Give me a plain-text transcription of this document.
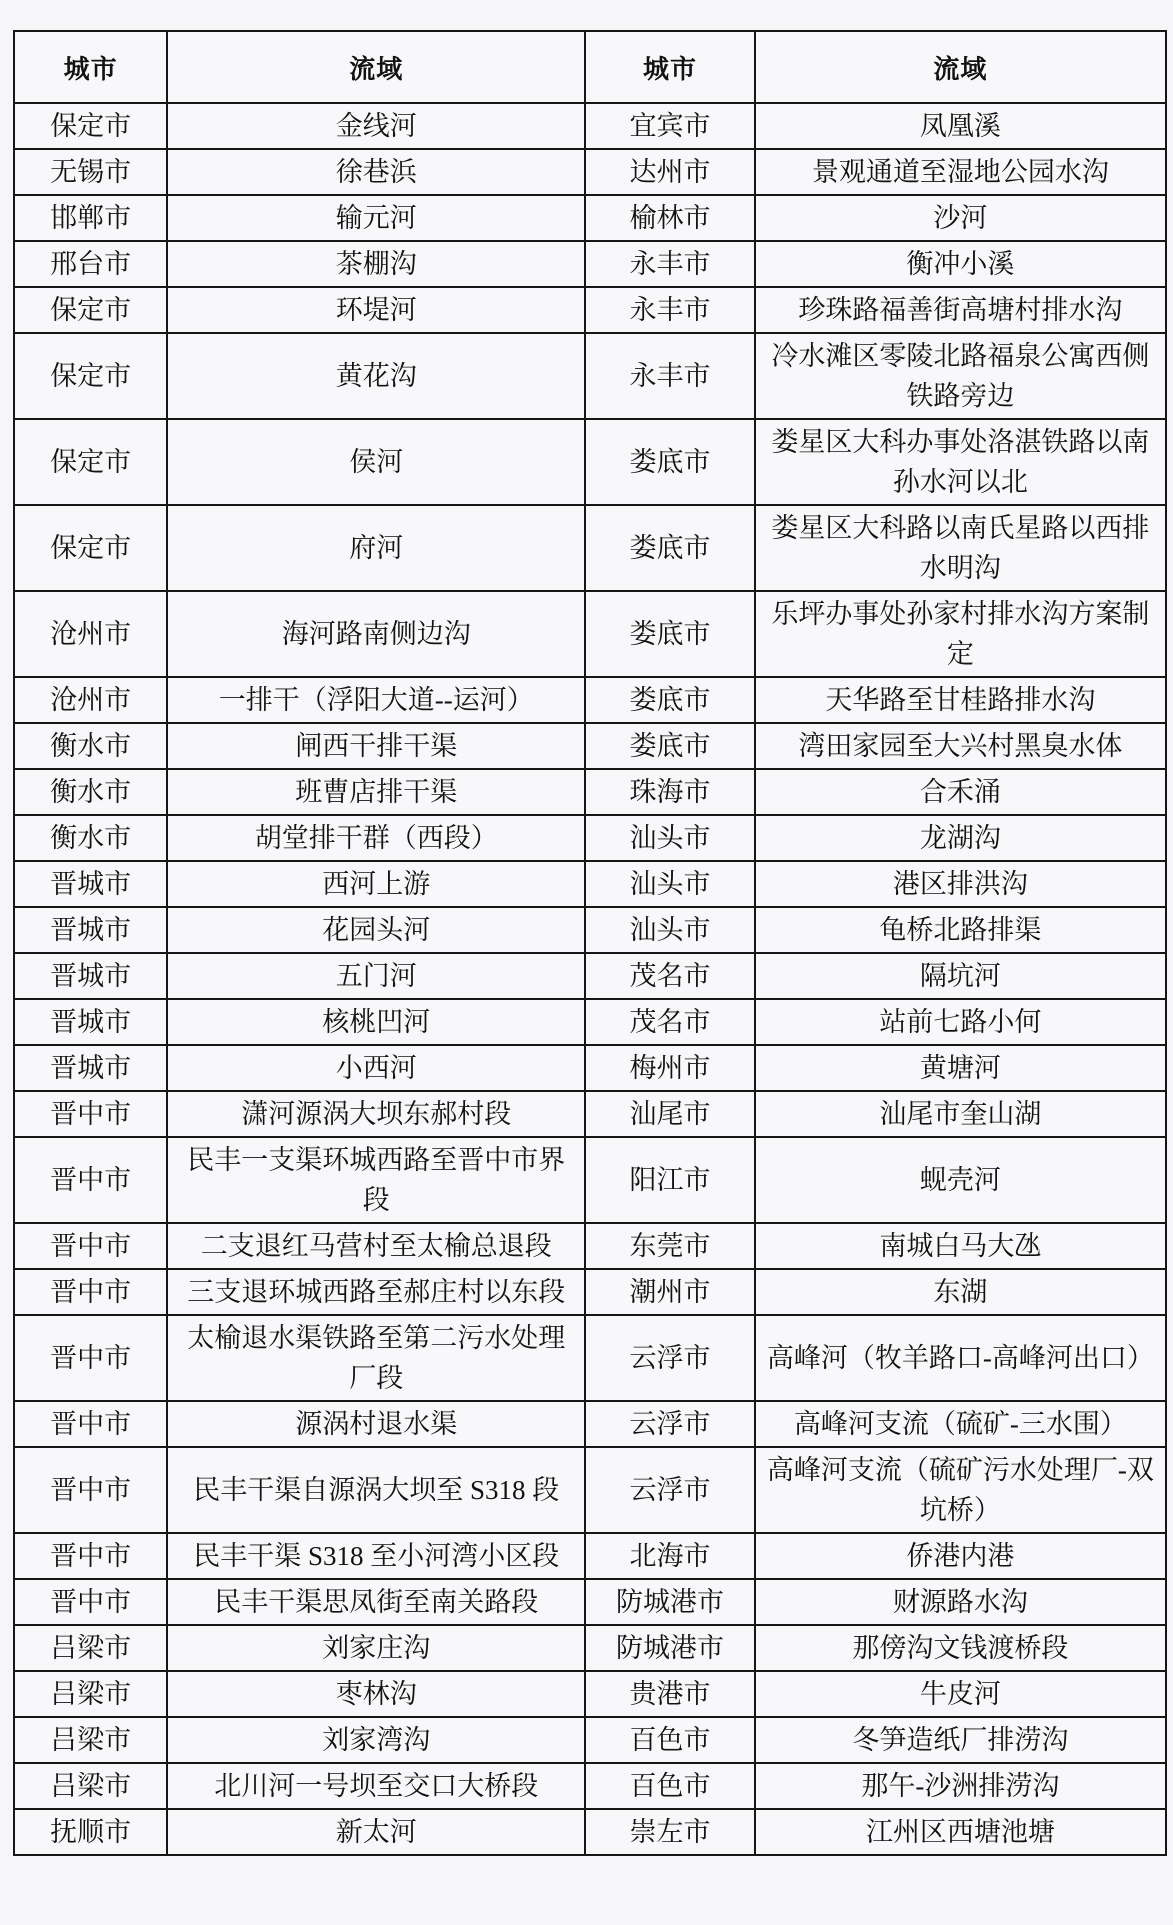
城市	流域	城市	流域
保定市	金线河	宜宾市	凤凰溪
无锡市	徐巷浜	达州市	景观通道至湿地公园水沟
邯郸市	输元河	榆林市	沙河
邢台市	茶棚沟	永丰市	衡冲小溪
保定市	环堤河	永丰市	珍珠路福善街高塘村排水沟
保定市	黄花沟	永丰市	冷水滩区零陵北路福泉公寓西侧铁路旁边
保定市	侯河	娄底市	娄星区大科办事处洛湛铁路以南孙水河以北
保定市	府河	娄底市	娄星区大科路以南氏星路以西排水明沟
沧州市	海河路南侧边沟	娄底市	乐坪办事处孙家村排水沟方案制定
沧州市	一排干（浮阳大道--运河）	娄底市	天华路至甘桂路排水沟
衡水市	闸西干排干渠	娄底市	湾田家园至大兴村黑臭水体
衡水市	班曹店排干渠	珠海市	合禾涌
衡水市	胡堂排干群（西段）	汕头市	龙湖沟
晋城市	西河上游	汕头市	港区排洪沟
晋城市	花园头河	汕头市	龟桥北路排渠
晋城市	五门河	茂名市	隔坑河
晋城市	核桃凹河	茂名市	站前七路小何
晋城市	小西河	梅州市	黄塘河
晋中市	潇河源涡大坝东郝村段	汕尾市	汕尾市奎山湖
晋中市	民丰一支渠环城西路至晋中市界段	阳江市	蚬壳河
晋中市	二支退红马营村至太榆总退段	东莞市	南城白马大氹
晋中市	三支退环城西路至郝庄村以东段	潮州市	东湖
晋中市	太榆退水渠铁路至第二污水处理厂段	云浮市	高峰河（牧羊路口-高峰河出口）
晋中市	源涡村退水渠	云浮市	高峰河支流（硫矿-三水围）
晋中市	民丰干渠自源涡大坝至 S318 段	云浮市	高峰河支流（硫矿污水处理厂-双坑桥）
晋中市	民丰干渠 S318 至小河湾小区段	北海市	侨港内港
晋中市	民丰干渠思凤街至南关路段	防城港市	财源路水沟
吕梁市	刘家庄沟	防城港市	那傍沟文钱渡桥段
吕梁市	枣林沟	贵港市	牛皮河
吕梁市	刘家湾沟	百色市	冬笋造纸厂排涝沟
吕梁市	北川河一号坝至交口大桥段	百色市	那午-沙洲排涝沟
抚顺市	新太河	崇左市	江州区西塘池塘
